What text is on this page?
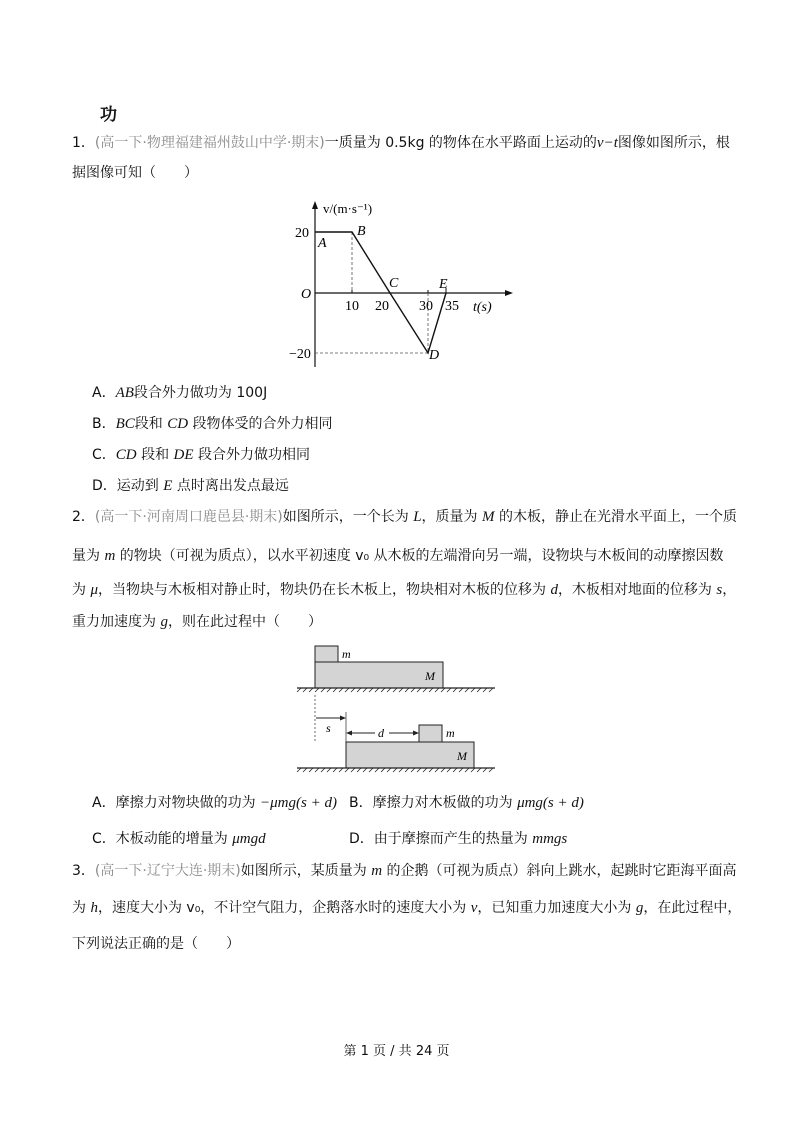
功
1．(高一下·物理福建福州鼓山中学·期末)一质量为 0.5kg 的物体在水平路面上运动的v−t图像如图所示，根
据图像可知（　　）
v/(m·s⁻¹)
t(s)
O
20
−20
10 20 30 35
A
B
C
D
E
A．AB段合外力做功为 100J
B．BC段和 CD 段物体受的合外力相同
C．CD 段和 DE 段合外力做功相同
D．运动到 E 点时离出发点最远
2．(高一下·河南周口鹿邑县·期末)如图所示，一个长为 L，质量为 M 的木板，静止在光滑水平面上，一个质
量为 m 的物块（可视为质点），以水平初速度 v₀ 从木板的左端滑向另一端，设物块与木板间的动摩擦因数
为 μ，当物块与木板相对静止时，物块仍在长木板上，物块相对木板的位移为 d，木板相对地面的位移为 s，
重力加速度为 g，则在此过程中（　　）
m
M
s	d	m
M
A．摩擦力对物块做的功为 −μmg(s + d) B．摩擦力对木板做的功为 μmg(s + d)
C．木板动能的增量为 μmgd	D．由于摩擦而产生的热量为 mmgs
3．(高一下·辽宁大连·期末)如图所示，某质量为 m 的企鹅（可视为质点）斜向上跳水，起跳时它距海平面高
为 h，速度大小为 v₀，不计空气阻力，企鹅落水时的速度大小为 v，已知重力加速度大小为 g，在此过程中，
下列说法正确的是（　　）
第 1 页 / 共 24 页
